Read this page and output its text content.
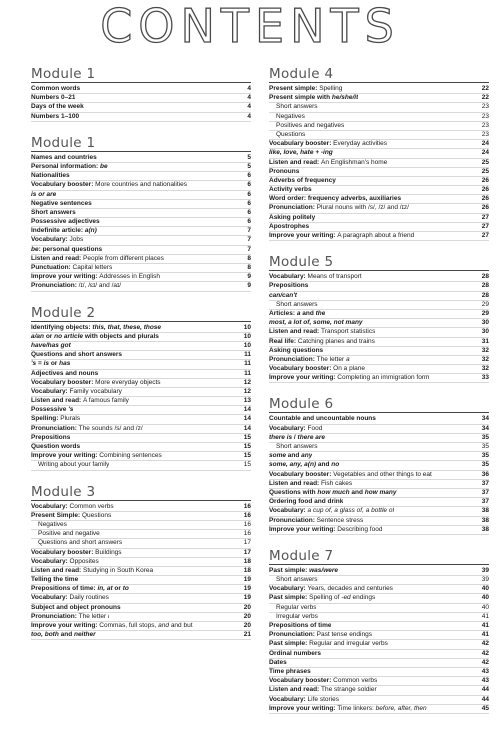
CONTENTS
Module 1
Common words	4
Numbers 0–21	4
Days of the week	4
Numbers 1–100	4
Module 1
Names and countries	5
Personal information: be	5
Nationalities	6
Vocabulary booster: More countries and nationalities	6
is or are	6
Negative sentences	6
Short answers	6
Possessive adjectives	6
Indefinite article: a(n)	7
Vocabulary: Jobs	7
be: personal questions	7
Listen and read: People from different places	8
Punctuation: Capital letters	8
Improve your writing: Addresses in English	9
Pronunciation: /ɪ/, /ɛɪ/ and /aɪ/	9
Module 2
Identifying objects: this, that, these, those	10
a/an or no article with objects and plurals	10
have/has got	10
Questions and short answers	11
's = is or has	11
Adjectives and nouns	11
Vocabulary booster: More everyday objects	12
Vocabulary: Family vocabulary	12
Listen and read: A famous family	13
Possessive 's	14
Spelling: Plurals	14
Pronunciation: The sounds /s/ and /z/	14
Prepositions	15
Question words	15
Improve your writing: Combining sentences	15
Writing about your family	15
Module 3
Vocabulary: Common verbs	16
Present Simple: Questions	16
Negatives	16
Positive and negative	16
Questions and short answers	17
Vocabulary booster: Buildings	17
Vocabulary: Opposites	18
Listen and read: Studying in South Korea	18
Telling the time	19
Prepositions of time: in, at or to	19
Vocabulary: Daily routines	19
Subject and object pronouns	20
Pronunciation: The letter i	20
Improve your writing: Commas, full stops, and and but	20
too, both and neither	21
Module 4
Present simple: Spelling	22
Present simple with he/she/it	22
Short answers	23
Negatives	23
Positives and negatives	23
Questions	23
Vocabulary booster: Everyday activities	24
like, love, hate + -ing	24
Listen and read: An Englishman's home	25
Pronouns	25
Adverbs of frequency	26
Activity verbs	26
Word order: frequency adverbs, auxiliaries	26
Pronunciation: Plural nouns with /s/, /z/ and /ɪz/	26
Asking politely	27
Apostrophes	27
Improve your writing: A paragraph about a friend	27
Module 5
Vocabulary: Means of transport	28
Prepositions	28
can/can't	28
Short answers	29
Articles: a and the	29
most, a lot of, some, not many	30
Listen and read: Transport statistics	30
Real life: Catching planes and trains	31
Asking questions	32
Pronunciation: The letter a	32
Vocabulary booster: On a plane	32
Improve your writing: Completing an immigration form	33
Module 6
Countable and uncountable nouns	34
Vocabulary: Food	34
there is / there are	35
Short answers	35
some and any	35
some, any, a(n) and no	35
Vocabulary booster: Vegetables and other things to eat	36
Listen and read: Fish cakes	37
Questions with how much and how many	37
Ordering food and drink	37
Vocabulary: a cup of, a glass of, a bottle of	38
Pronunciation: Sentence stress	38
Improve your writing: Describing food	38
Module 7
Past simple: was/were	39
Short answers	39
Vocabulary: Years, decades and centuries	40
Past simple: Spelling of -ed endings	40
Regular verbs	40
Irregular verbs	41
Prepositions of time	41
Pronunciation: Past tense endings	41
Past simple: Regular and irregular verbs	42
Ordinal numbers	42
Dates	42
Time phrases	43
Vocabulary booster: Common verbs	43
Listen and read: The strange soldier	44
Vocabulary: Life stories	44
Improve your writing: Time linkers: before, after, then	45
